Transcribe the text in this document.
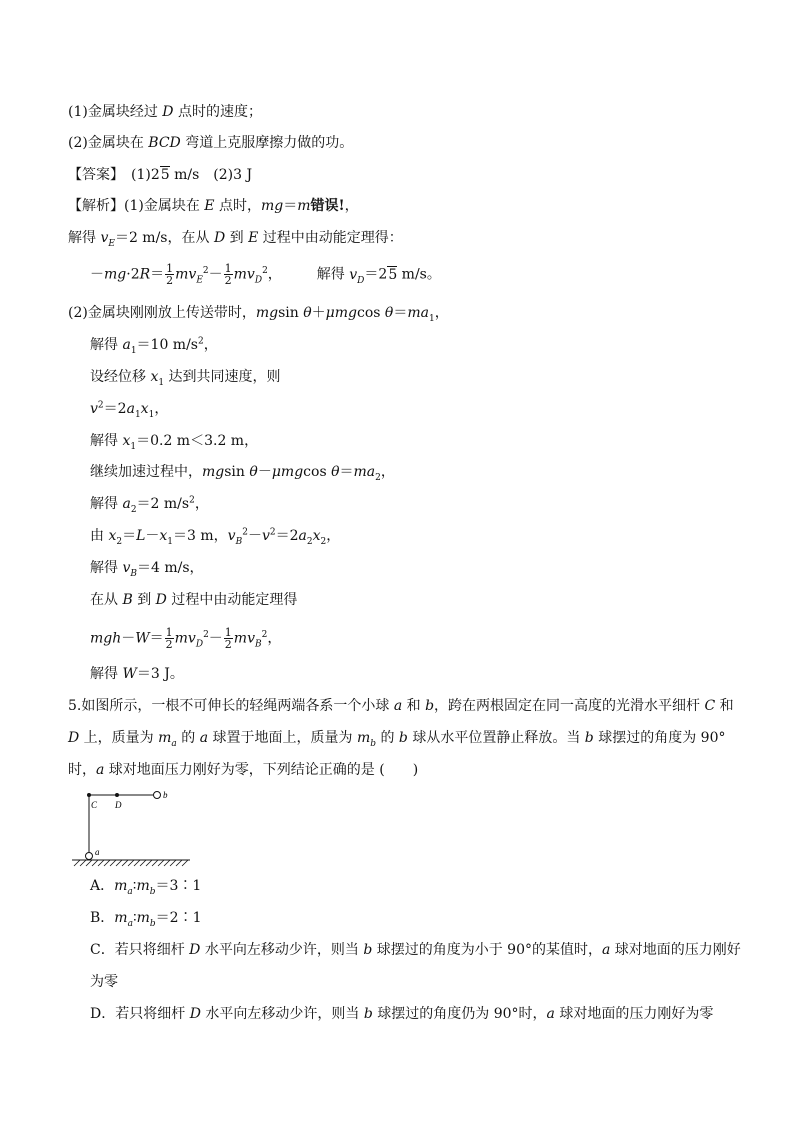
(1)金属块经过 D 点时的速度；
(2)金属块在 BCD 弯道上克服摩擦力做的功。
【答案】　(1)25 m/s　(2)3 J
【解析】(1)金属块在 E 点时，mg＝m错误!，
解得 $v_E=2$ m/s，在从 D 到 E 过程中由动能定理得：
$-mg\cdot 2R= \frac{1}{2} mv_E^2- \frac{1}{2} mv_D^2$，　　　解得 $v_D=25$ m/s。
(2)金属块刚刚放上传送带时，mgsin θ＋μmgcos $\theta=ma_1$，
解得 $a_1=10$ $m/s^2$，
设经位移 $x_1$ 达到共同速度，则
$v^2=2a_1x_1$，
解得 $x_1=0.2$ m＜3.2 m，
继续加速过程中，mgsin θ－μmgcos $\theta=ma_2$，
解得 $a_2=2$ $m/s^2$，
由 $x_2=L-x_1=3$ m，$v_B^2-v^2=2a_2x_2$，
解得 $v_B=4$ m/s，
在从 B 到 D 过程中由动能定理得
$mgh-W= \frac{1}{2} mv_D^2- \frac{1}{2} mv_B^2$，
解得 W＝3 J。
5.如图所示，一根不可伸长的轻绳两端各系一个小球 a 和 b，跨在两根固定在同一高度的光滑水平细杆 C 和
D 上，质量为 $m_a$ 的 a 球置于地面上，质量为 $m_b$ 的 b 球从水平位置静止释放。当 b 球摆过的角度为 90°
时，a 球对地面压力刚好为零，下列结论正确的是 (　　)
C D
b
a
A．$m_a∶m_b=3∶1$
B．$m_a∶m_b=2∶1$
C．若只将细杆 D 水平向左移动少许，则当 b 球摆过的角度为小于 90°的某值时，a 球对地面的压力刚好
为零
D．若只将细杆 D 水平向左移动少许，则当 b 球摆过的角度仍为 90°时，a 球对地面的压力刚好为零
